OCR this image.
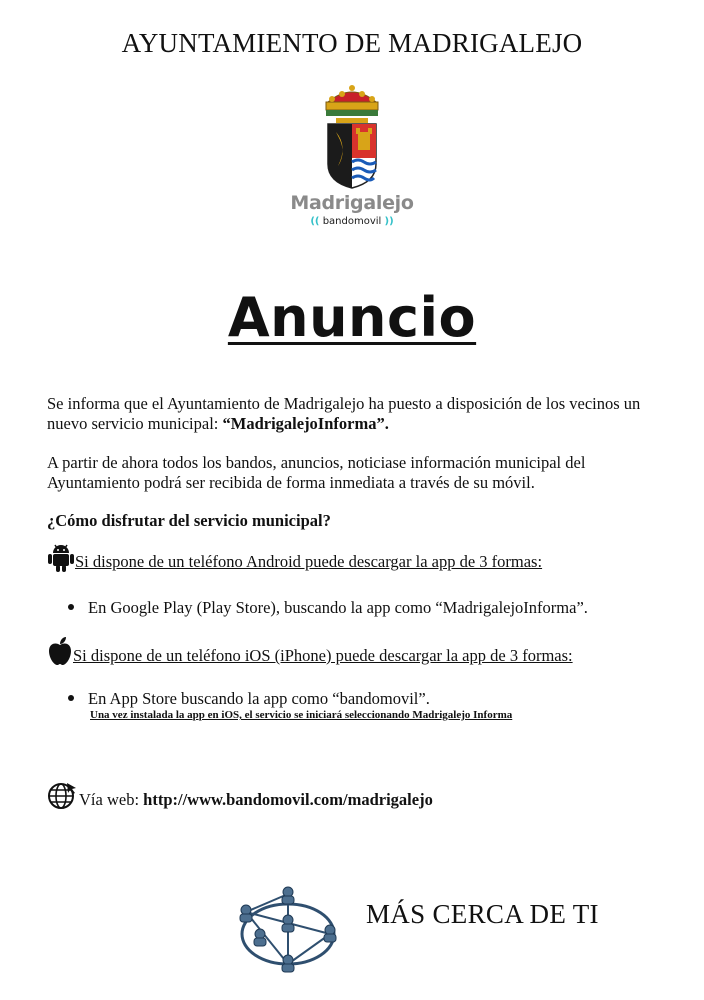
AYUNTAMIENTO DE MADRIGALEJO
Madrigalejo
(( bandomovil ))
Anuncio
Se informa que el Ayuntamiento de Madrigalejo ha puesto a disposición de los vecinos un nuevo servicio municipal: “MadrigalejoInforma”.
A partir de ahora todos los bandos, anuncios, noticiase información municipal del Ayuntamiento podrá ser recibida de forma inmediata a través de su móvil.
¿Cómo disfrutar del servicio municipal?
Si dispone de un teléfono Android puede descargar la app de 3 formas:
En Google Play (Play Store), buscando la app como “MadrigalejoInforma”.
Si dispone de un teléfono iOS (iPhone) puede descargar la app de 3 formas:
En App Store buscando la app como “bandomovil”.
Una vez instalada la app en iOS, el servicio se iniciará seleccionando Madrigalejo Informa
Vía web: http://www.bandomovil.com/madrigalejo
MÁS CERCA DE TI
